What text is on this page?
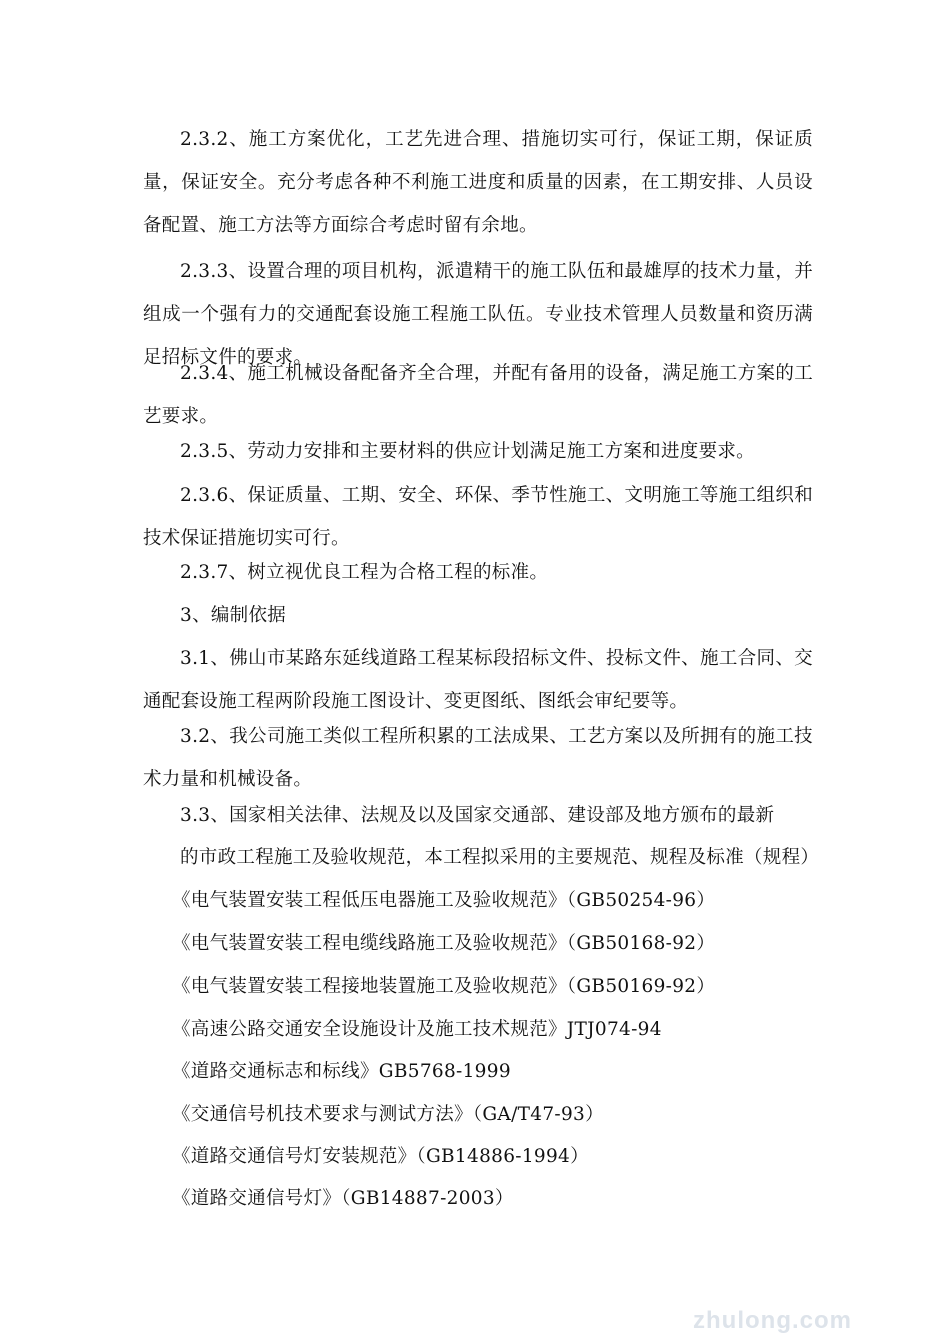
2.3.2、施工方案优化，工艺先进合理、措施切实可行，保证工期，保证质量，保证安全。充分考虑各种不利施工进度和质量的因素，在工期安排、人员设备配置、施工方法等方面综合考虑时留有余地。

2.3.3、设置合理的项目机构，派遣精干的施工队伍和最雄厚的技术力量，并组成一个强有力的交通配套设施工程施工队伍。专业技术管理人员数量和资历满足招标文件的要求。

2.3.4、施工机械设备配备齐全合理，并配有备用的设备，满足施工方案的工艺要求。

2.3.5、劳动力安排和主要材料的供应计划满足施工方案和进度要求。

2.3.6、保证质量、工期、安全、环保、季节性施工、文明施工等施工组织和技术保证措施切实可行。

2.3.7、树立视优良工程为合格工程的标准。

3、编制依据

3.1、佛山市某路东延线道路工程某标段招标文件、投标文件、施工合同、交通配套设施工程两阶段施工图设计、变更图纸、图纸会审纪要等。

3.2、我公司施工类似工程所积累的工法成果、工艺方案以及所拥有的施工技术力量和机械设备。

3.3、国家相关法律、法规及以及国家交通部、建设部及地方颁布的最新

的市政工程施工及验收规范，本工程拟采用的主要规范、规程及标准（规程）

《电气装置安装工程低压电器施工及验收规范》（GB50254-96）

《电气装置安装工程电缆线路施工及验收规范》（GB50168-92）

《电气装置安装工程接地装置施工及验收规范》（GB50169-92）

《高速公路交通安全设施设计及施工技术规范》JTJ074-94

《道路交通标志和标线》GB5768-1999

《交通信号机技术要求与测试方法》（GA/T47-93）

《道路交通信号灯安装规范》（GB14886-1994）

《道路交通信号灯》（GB14887-2003）

zhulong.com
